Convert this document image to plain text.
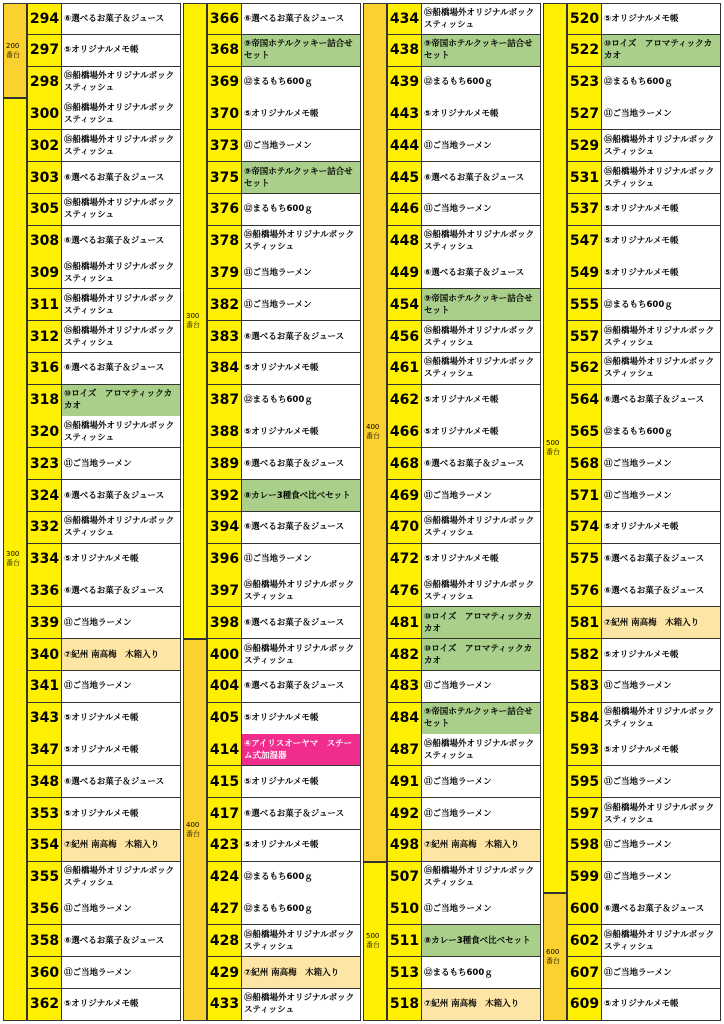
200
番台
300
番台
294 ⑥選べるお菓子＆ジュース
297 ⑤オリジナルメモ帳
298 ⑮船橋場外オリジナルボックスティッシュ
300 ⑮船橋場外オリジナルボックスティッシュ
302 ⑮船橋場外オリジナルボックスティッシュ
303 ⑥選べるお菓子＆ジュース
305 ⑮船橋場外オリジナルボックスティッシュ
308 ⑥選べるお菓子＆ジュース
309 ⑮船橋場外オリジナルボックスティッシュ
311 ⑮船橋場外オリジナルボックスティッシュ
312 ⑮船橋場外オリジナルボックスティッシュ
316 ⑥選べるお菓子＆ジュース
318 ⑩ロイズ　アロマティックカカオ
320 ⑮船橋場外オリジナルボックスティッシュ
323 ⑪ご当地ラーメン
324 ⑥選べるお菓子＆ジュース
332 ⑮船橋場外オリジナルボックスティッシュ
334 ⑤オリジナルメモ帳
336 ⑥選べるお菓子＆ジュース
339 ⑪ご当地ラーメン
340 ⑦紀州 南高梅　木箱入り
341 ⑪ご当地ラーメン
343 ⑤オリジナルメモ帳
347 ⑤オリジナルメモ帳
348 ⑥選べるお菓子＆ジュース
353 ⑤オリジナルメモ帳
354 ⑦紀州 南高梅　木箱入り
355 ⑮船橋場外オリジナルボックスティッシュ
356 ⑪ご当地ラーメン
358 ⑥選べるお菓子＆ジュース
360 ⑪ご当地ラーメン
362 ⑤オリジナルメモ帳
300
番台
400
番台
366 ⑥選べるお菓子＆ジュース
368 ⑨帝国ホテルクッキー詰合せセット
369 ⑫まるもち600ｇ
370 ⑤オリジナルメモ帳
373 ⑪ご当地ラーメン
375 ⑨帝国ホテルクッキー詰合せセット
376 ⑫まるもち600ｇ
378 ⑮船橋場外オリジナルボックスティッシュ
379 ⑪ご当地ラーメン
382 ⑪ご当地ラーメン
383 ⑥選べるお菓子＆ジュース
384 ⑤オリジナルメモ帳
387 ⑫まるもち600ｇ
388 ⑤オリジナルメモ帳
389 ⑥選べるお菓子＆ジュース
392 ⑧カレー3種食べ比べセット
394 ⑥選べるお菓子＆ジュース
396 ⑪ご当地ラーメン
397 ⑮船橋場外オリジナルボックスティッシュ
398 ⑥選べるお菓子＆ジュース
400 ⑮船橋場外オリジナルボックスティッシュ
404 ⑥選べるお菓子＆ジュース
405 ⑤オリジナルメモ帳
414 ④アイリスオーヤマ　スチーム式加湿器
415 ⑤オリジナルメモ帳
417 ⑥選べるお菓子＆ジュース
423 ⑤オリジナルメモ帳
424 ⑫まるもち600ｇ
427 ⑫まるもち600ｇ
428 ⑮船橋場外オリジナルボックスティッシュ
429 ⑦紀州 南高梅　木箱入り
433 ⑮船橋場外オリジナルボックスティッシュ
400
番台
500
番台
434 ⑮船橋場外オリジナルボックスティッシュ
438 ⑨帝国ホテルクッキー詰合せセット
439 ⑫まるもち600ｇ
443 ⑤オリジナルメモ帳
444 ⑪ご当地ラーメン
445 ⑥選べるお菓子＆ジュース
446 ⑪ご当地ラーメン
448 ⑮船橋場外オリジナルボックスティッシュ
449 ⑥選べるお菓子＆ジュース
454 ⑨帝国ホテルクッキー詰合せセット
456 ⑮船橋場外オリジナルボックスティッシュ
461 ⑮船橋場外オリジナルボックスティッシュ
462 ⑤オリジナルメモ帳
466 ⑤オリジナルメモ帳
468 ⑥選べるお菓子＆ジュース
469 ⑪ご当地ラーメン
470 ⑮船橋場外オリジナルボックスティッシュ
472 ⑤オリジナルメモ帳
476 ⑮船橋場外オリジナルボックスティッシュ
481 ⑩ロイズ　アロマティックカカオ
482 ⑩ロイズ　アロマティックカカオ
483 ⑪ご当地ラーメン
484 ⑨帝国ホテルクッキー詰合せセット
487 ⑮船橋場外オリジナルボックスティッシュ
491 ⑪ご当地ラーメン
492 ⑪ご当地ラーメン
498 ⑦紀州 南高梅　木箱入り
507 ⑮船橋場外オリジナルボックスティッシュ
510 ⑪ご当地ラーメン
511 ⑧カレー3種食べ比べセット
513 ⑫まるもち600ｇ
518 ⑦紀州 南高梅　木箱入り
500
番台
600
番台
520 ⑤オリジナルメモ帳
522 ⑩ロイズ　アロマティックカカオ
523 ⑫まるもち600ｇ
527 ⑪ご当地ラーメン
529 ⑮船橋場外オリジナルボックスティッシュ
531 ⑮船橋場外オリジナルボックスティッシュ
537 ⑤オリジナルメモ帳
547 ⑤オリジナルメモ帳
549 ⑤オリジナルメモ帳
555 ⑫まるもち600ｇ
557 ⑮船橋場外オリジナルボックスティッシュ
562 ⑮船橋場外オリジナルボックスティッシュ
564 ⑥選べるお菓子＆ジュース
565 ⑫まるもち600ｇ
568 ⑪ご当地ラーメン
571 ⑪ご当地ラーメン
574 ⑤オリジナルメモ帳
575 ⑥選べるお菓子＆ジュース
576 ⑥選べるお菓子＆ジュース
581 ⑦紀州 南高梅　木箱入り
582 ⑤オリジナルメモ帳
583 ⑪ご当地ラーメン
584 ⑮船橋場外オリジナルボックスティッシュ
593 ⑤オリジナルメモ帳
595 ⑪ご当地ラーメン
597 ⑮船橋場外オリジナルボックスティッシュ
598 ⑪ご当地ラーメン
599 ⑪ご当地ラーメン
600 ⑥選べるお菓子＆ジュース
602 ⑮船橋場外オリジナルボックスティッシュ
607 ⑪ご当地ラーメン
609 ⑤オリジナルメモ帳
